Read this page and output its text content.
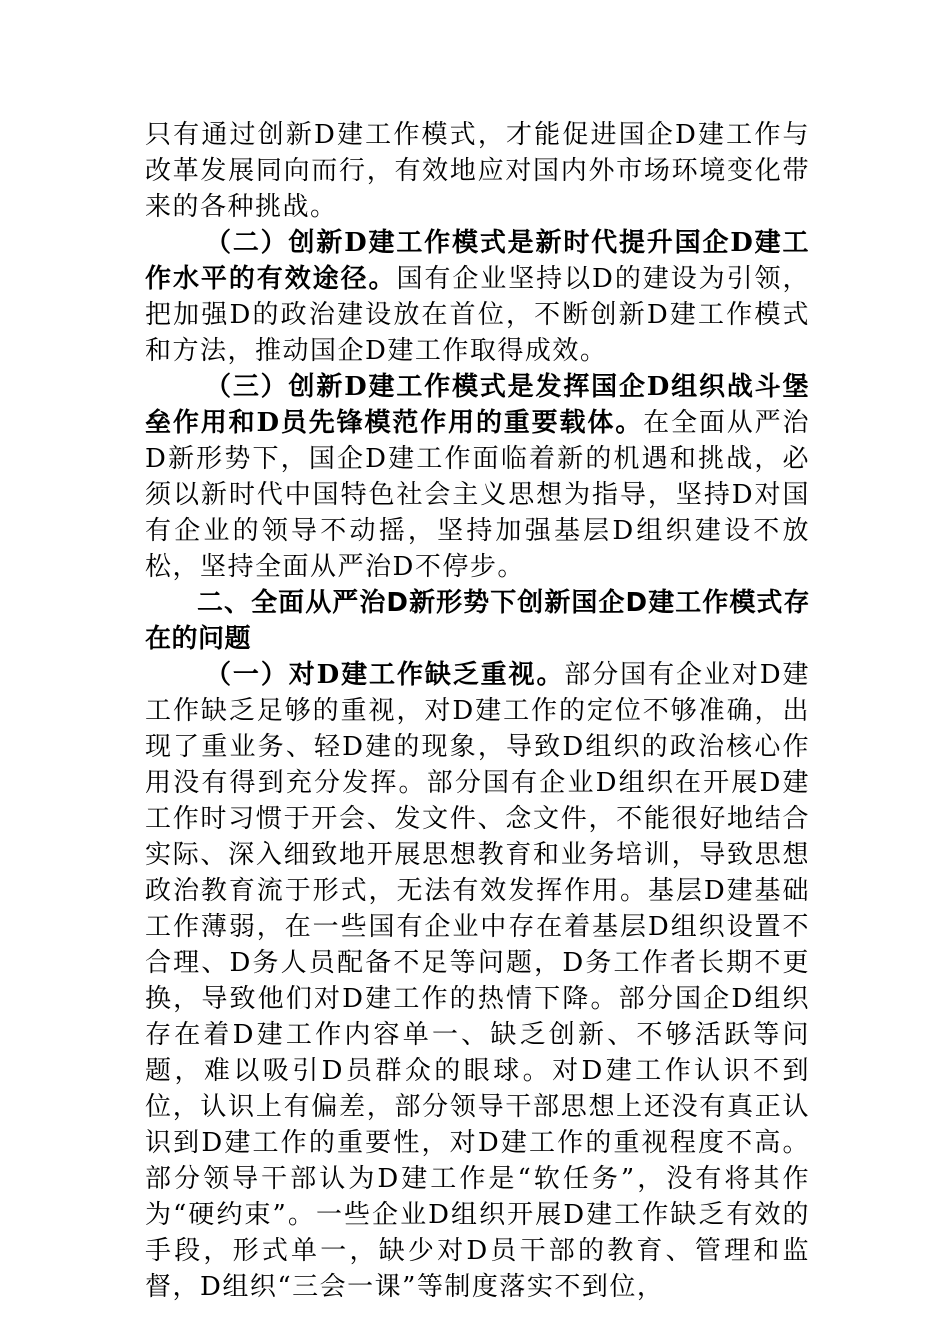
只有通过创新D建工作模式，才能促进国企D建工作与改革发展同向而行，有效地应对国内外市场环境变化带来的各种挑战。

（二）创新D建工作模式是新时代提升国企D建工作水平的有效途径。国有企业坚持以D的建设为引领，把加强D的政治建设放在首位，不断创新D建工作模式和方法，推动国企D建工作取得成效。

（三）创新D建工作模式是发挥国企D组织战斗堡垒作用和D员先锋模范作用的重要载体。在全面从严治D新形势下，国企D建工作面临着新的机遇和挑战，必须以新时代中国特色社会主义思想为指导，坚持D对国有企业的领导不动摇，坚持加强基层D组织建设不放松，坚持全面从严治D不停步。

二、全面从严治D新形势下创新国企D建工作模式存在的问题

（一）对D建工作缺乏重视。部分国有企业对D建工作缺乏足够的重视，对D建工作的定位不够准确，出现了重业务、轻D建的现象，导致D组织的政治核心作用没有得到充分发挥。部分国有企业D组织在开展D建工作时习惯于开会、发文件、念文件，不能很好地结合实际、深入细致地开展思想教育和业务培训，导致思想政治教育流于形式，无法有效发挥作用。基层D建基础工作薄弱，在一些国有企业中存在着基层D组织设置不合理、D务人员配备不足等问题，D务工作者长期不更换，导致他们对D建工作的热情下降。部分国企D组织存在着D建工作内容单一、缺乏创新、不够活跃等问题，难以吸引D员群众的眼球。对D建工作认识不到位，认识上有偏差，部分领导干部思想上还没有真正认识到D建工作的重要性，对D建工作的重视程度不高。部分领导干部认为D建工作是“软任务”，没有将其作为“硬约束”。一些企业D组织开展D建工作缺乏有效的手段，形式单一，缺少对D员干部的教育、管理和监督，D组织“三会一课”等制度落实不到位，
